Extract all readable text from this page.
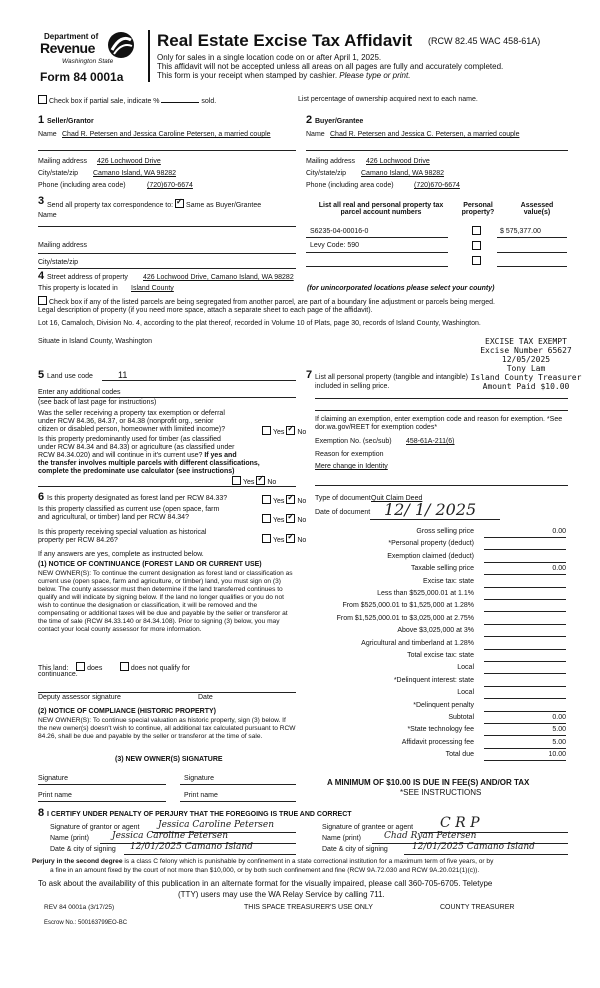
Department of
Revenue
Washington State
Form 84 0001a
Real Estate Excise Tax Affidavit (RCW 82.45 WAC 458-61A)
Only for sales in a single location code on or after April 1, 2025.
This affidavit will not be accepted unless all areas on all pages are fully and accurately completed.
This form is your receipt when stamped by cashier. Please type or print.
Check box if partial sale, indicate %	sold.	List percentage of ownership acquired next to each name.
1 Seller/Grantor
Name Chad R. Petersen and Jessica Caroline Petersen, a married couple
Mailing address 426 Lochwood Drive
City/state/zip Camano Island, WA 98282
Phone (including area code)	(720)670-6674
2 Buyer/Grantee
Name Chad R. Petersen and Jessica C. Petersen, a married couple
Mailing address 426 Lochwood Drive
City/state/zip Camano Island, WA 98282
Phone (including area code)	(720)670-6674
3 Send all property tax correspondence to: ✓ Same as Buyer/Grantee
Name
Mailing address
City/state/zip
List all real and personal property tax
parcel account numbers
Personal
property?
Assessed
value(s)
S6235-04-00016-0	$ 575,377.00
Levy Code: 590
4 Street address of property 426 Lochwood Drive, Camano Island, WA 98282
This property is located in Island County	(for unincorporated locations please select your county)
Check box if any of the listed parcels are being segregated from another parcel, are part of a boundary line adjustment or parcels being merged.
Legal description of property (if you need more space, attach a separate sheet to each page of the affidavit).
Lot 16, Camaloch, Division No. 4, according to the plat thereof, recorded in Volume 10 of Plats, page 30, records of Island County, Washington.
Situate in Island County, Washington	EXCISE TAX EXEMPT
Excise Number 65627
12/05/2025
Tony Lam
Island County Treasurer
Amount Paid $10.00
5 Land use code	11
Enter any additional codes
(see back of last page for instructions)
Was the seller receiving a property tax exemption or deferral
under RCW 84.36, 84.37, or 84.38 (nonprofit org., senior
citizen or disabled person, homeowner with limited income)?	Yes ✓ No
Is this property predominantly used for timber (as classified
under RCW 84.34 and 84.33) or agriculture (as classified under
RCW 84.34.020) and will continue in it's current use? If yes and
the transfer involves multiple parcels with different classifications,
complete the predominate use calculator (see instructions)
Yes ✓ No
7 List all personal property (tangible and intangible) included in selling price.
If claiming an exemption, enter exemption code and reason for exemption. *See dor.wa.gov/REET for exemption codes*
Exemption No. (sec/sub) 458-61A-211(6)
Reason for exemption
Mere change in Identity
6 Is this property designated as forest land per RCW 84.33?	Yes ✓ No
Is this property classified as current use (open space, farm
and agricultural, or timber) land per RCW 84.34?	Yes ✓ No
Is this property receiving special valuation as historical
property per RCW 84.26?	Yes ✓ No
If any answers are yes, complete as instructed below.
(1) NOTICE OF CONTINUANCE (FOREST LAND OR CURRENT USE)
NEW OWNER(S): To continue the current designation as forest land or classification as current use (open space, farm and agriculture, or timber) land, you must sign on (3) below. The county assessor must then determine if the land transferred continues to qualify and will indicate by signing below. If the land no longer qualifies or you do not wish to continue the designation or classification, it will be removed and the compensating or additional taxes will be due and payable by the seller or transferor at the time of sale (RCW 84.33.140 or 84.34.108). Prior to signing (3) below, you may contact your local county assessor for more information.
This land:	does	does not qualify for
continuance.
Deputy assessor signature	Date
(2) NOTICE OF COMPLIANCE (HISTORIC PROPERTY)
NEW OWNER(S): To continue special valuation as historic property, sign (3) below. If the new owner(s) doesn't wish to continue, all additional tax calculated pursuant to RCW 84.26, shall be due and payable by the seller or transferor at the time of sale.
(3) NEW OWNER(S) SIGNATURE
Signature	Signature
Print name	Print name
Type of document Quit Claim Deed
Date of document 12/ 1/ 2025
Gross selling price	0.00
*Personal property (deduct)
Exemption claimed (deduct)
Taxable selling price	0.00
Excise tax: state
Less than $525,000.01 at 1.1%
From $525,000.01 to $1,525,000 at 1.28%
From $1,525,000.01 to $3,025,000 at 2.75%
Above $3,025,000 at 3%
Agricultural and timberland at 1.28%
Total excise tax: state
Local
*Delinquent interest: state
Local
*Delinquent penalty
Subtotal	0.00
*State technology fee	5.00
Affidavit processing fee	5.00
Total due	10.00
A MINIMUM OF $10.00 IS DUE IN FEE(S) AND/OR TAX
*SEE INSTRUCTIONS
8 I CERTIFY UNDER PENALTY OF PERJURY THAT THE FOREGOING IS TRUE AND CORRECT
Signature of grantor or agent Jessica Caroline Petersen
Name (print)	Jessica Caroline Petersen
Date & city of signing 12/01/2025 Camano Island
Signature of grantee or agent C R P
Name (print)	Chad Ryan Petersen
Date & city of signing	12/01/2025 Camano Island
Perjury in the second degree is a class C felony which is punishable by confinement in a state correctional institution for a maximum term of five years, or by
a fine in an amount fixed by the court of not more than $10,000, or by both such confinement and fine (RCW 9A.72.030 and RCW 9A.20.021(1)(c)).
To ask about the availability of this publication in an alternate format for the visually impaired, please call 360-705-6705. Teletype
(TTY) users may use the WA Relay Service by calling 711.
REV 84 0001a (3/17/25)	THIS SPACE TREASURER'S USE ONLY	COUNTY TREASURER
Escrow No.: 500163799EO-BC
